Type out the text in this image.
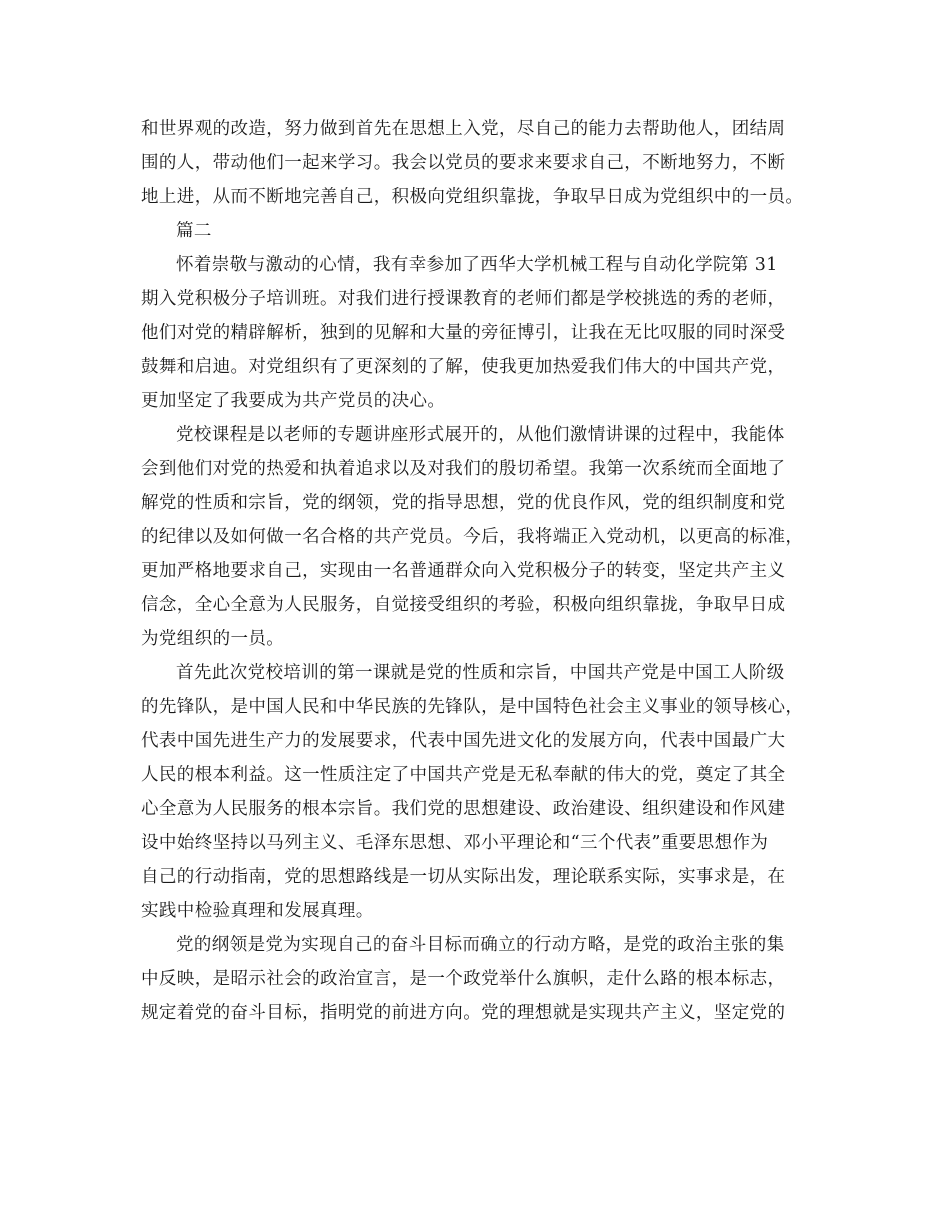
和世界观的改造，努力做到首先在思想上入党，尽自己的能力去帮助他人，团结周
围的人，带动他们一起来学习。我会以党员的要求来要求自己，不断地努力，不断
地上进，从而不断地完善自己，积极向党组织靠拢，争取早日成为党组织中的一员。
篇二
怀着崇敬与激动的心情，我有幸参加了西华大学机械工程与自动化学院第 31
期入党积极分子培训班。对我们进行授课教育的老师们都是学校挑选的秀的老师，
他们对党的精辟解析，独到的见解和大量的旁征博引，让我在无比叹服的同时深受
鼓舞和启迪。对党组织有了更深刻的了解，使我更加热爱我们伟大的中国共产党，
更加坚定了我要成为共产党员的决心。
党校课程是以老师的专题讲座形式展开的，从他们激情讲课的过程中，我能体
会到他们对党的热爱和执着追求以及对我们的殷切希望。我第一次系统而全面地了
解党的性质和宗旨，党的纲领，党的指导思想，党的优良作风，党的组织制度和党
的纪律以及如何做一名合格的共产党员。今后，我将端正入党动机，以更高的标准，
更加严格地要求自己，实现由一名普通群众向入党积极分子的转变，坚定共产主义
信念，全心全意为人民服务，自觉接受组织的考验，积极向组织靠拢，争取早日成
为党组织的一员。
首先此次党校培训的第一课就是党的性质和宗旨，中国共产党是中国工人阶级
的先锋队，是中国人民和中华民族的先锋队，是中国特色社会主义事业的领导核心，
代表中国先进生产力的发展要求，代表中国先进文化的发展方向，代表中国最广大
人民的根本利益。这一性质注定了中国共产党是无私奉献的伟大的党，奠定了其全
心全意为人民服务的根本宗旨。我们党的思想建设、政治建设、组织建设和作风建
设中始终坚持以马列主义、毛泽东思想、邓小平理论和“三个代表”重要思想作为
自己的行动指南，党的思想路线是一切从实际出发，理论联系实际，实事求是，在
实践中检验真理和发展真理。
党的纲领是党为实现自己的奋斗目标而确立的行动方略，是党的政治主张的集
中反映，是昭示社会的政治宣言，是一个政党举什么旗帜，走什么路的根本标志，
规定着党的奋斗目标，指明党的前进方向。党的理想就是实现共产主义，坚定党的
